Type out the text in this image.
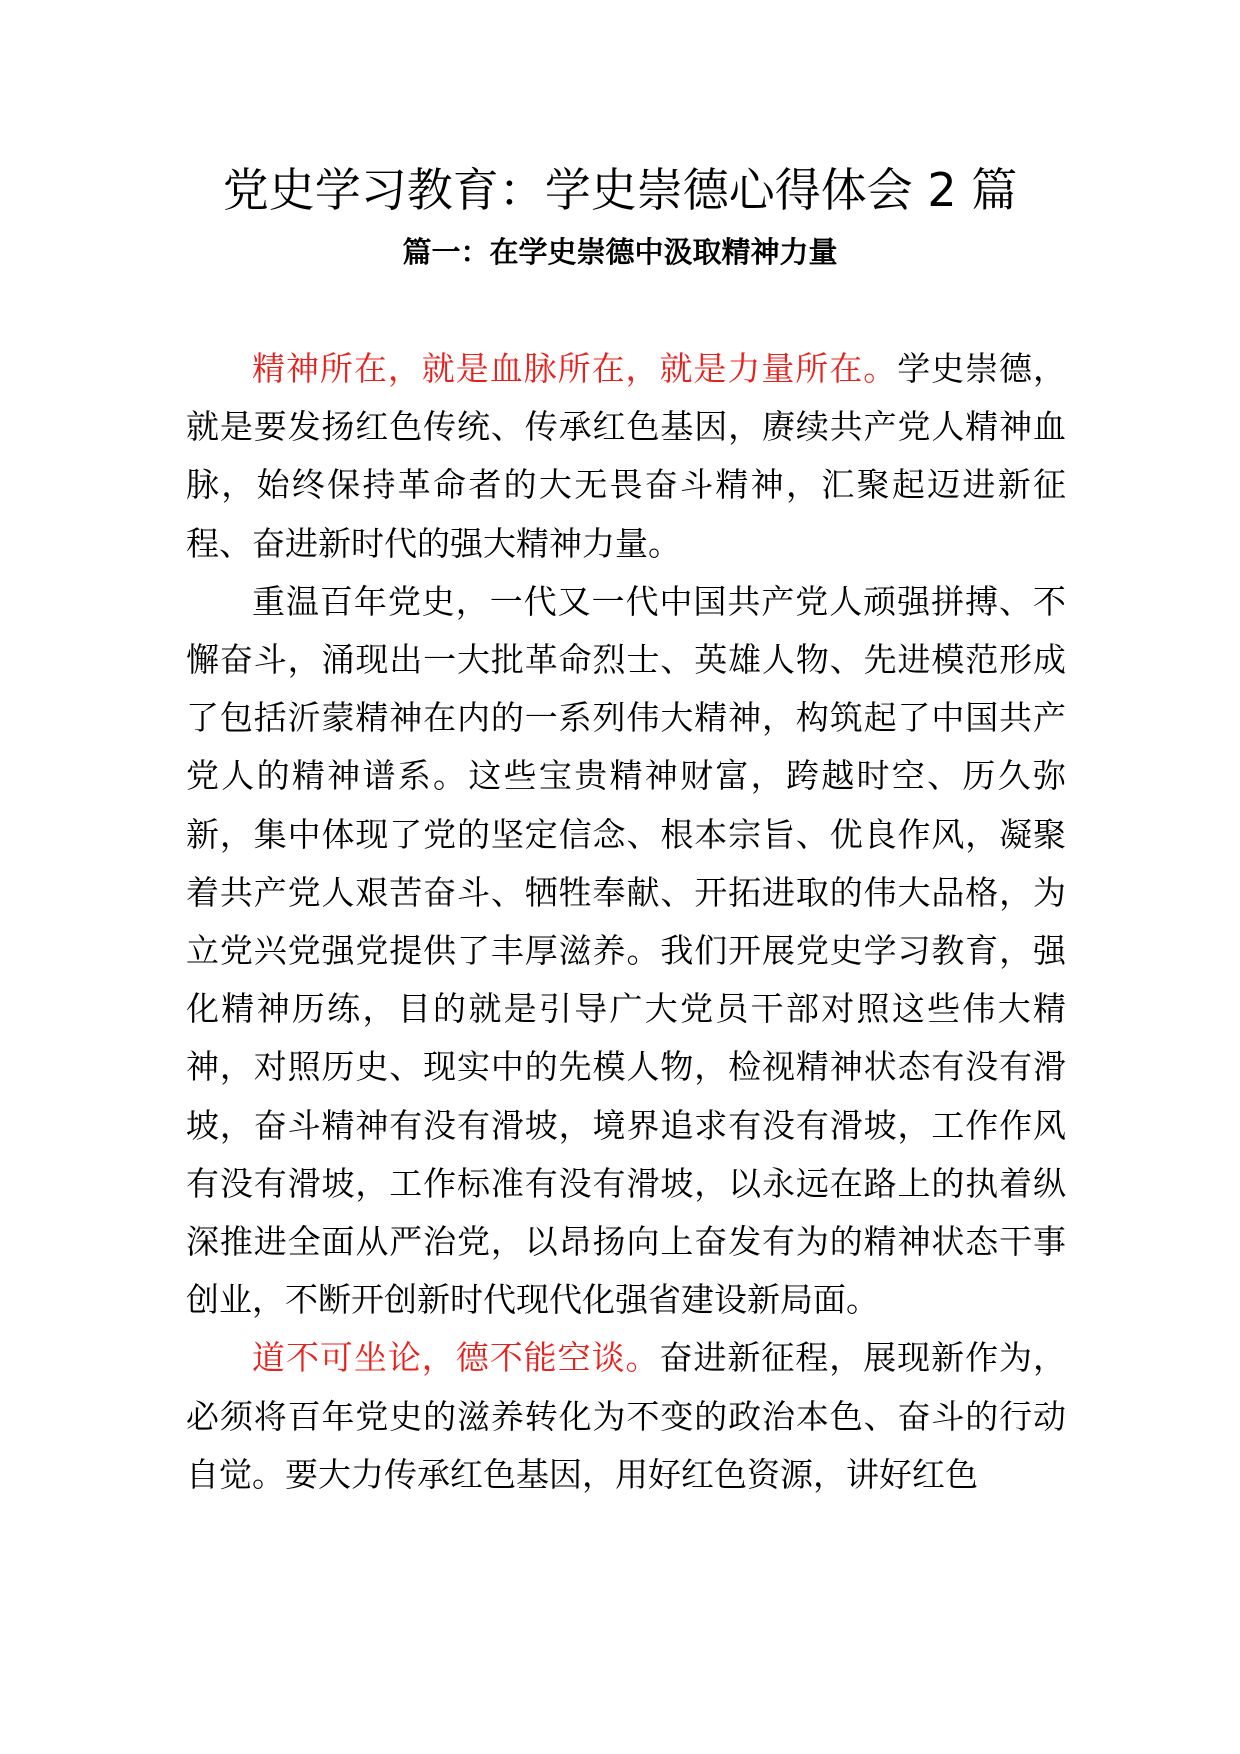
党史学习教育：学史崇德心得体会 2 篇
篇一：在学史崇德中汲取精神力量

精神所在，就是血脉所在，就是力量所在。学史崇德，就是要发扬红色传统、传承红色基因，赓续共产党人精神血脉，始终保持革命者的大无畏奋斗精神，汇聚起迈进新征程、奋进新时代的强大精神力量。

重温百年党史，一代又一代中国共产党人顽强拼搏、不懈奋斗，涌现出一大批革命烈士、英雄人物、先进模范形成了包括沂蒙精神在内的一系列伟大精神，构筑起了中国共产党人的精神谱系。这些宝贵精神财富，跨越时空、历久弥新，集中体现了党的坚定信念、根本宗旨、优良作风，凝聚着共产党人艰苦奋斗、牺牲奉献、开拓进取的伟大品格，为立党兴党强党提供了丰厚滋养。我们开展党史学习教育，强化精神历练，目的就是引导广大党员干部对照这些伟大精神，对照历史、现实中的先模人物，检视精神状态有没有滑坡，奋斗精神有没有滑坡，境界追求有没有滑坡，工作作风有没有滑坡，工作标准有没有滑坡，以永远在路上的执着纵深推进全面从严治党，以昂扬向上奋发有为的精神状态干事创业，不断开创新时代现代化强省建设新局面。

道不可坐论，德不能空谈。奋进新征程，展现新作为，必须将百年党史的滋养转化为不变的政治本色、奋斗的行动自觉。要大力传承红色基因，用好红色资源，讲好红色
